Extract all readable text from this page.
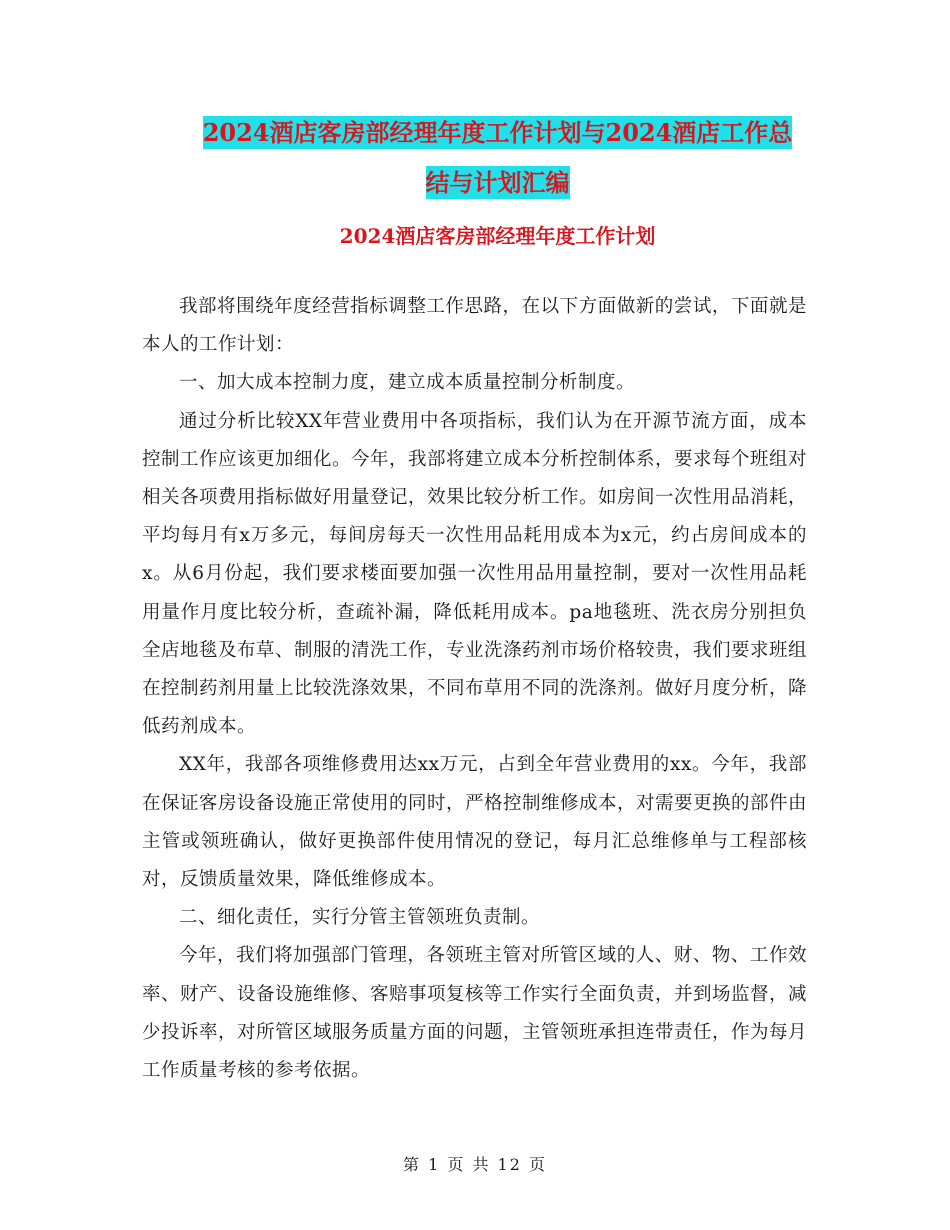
2024酒店客房部经理年度工作计划与2024酒店工作总
结与计划汇编
2024酒店客房部经理年度工作计划

我部将围绕年度经营指标调整工作思路，在以下方面做新的尝试，下面就是本人的工作计划：

一、加大成本控制力度，建立成本质量控制分析制度。

通过分析比较XX年营业费用中各项指标，我们认为在开源节流方面，成本控制工作应该更加细化。今年，我部将建立成本分析控制体系，要求每个班组对相关各项费用指标做好用量登记，效果比较分析工作。如房间一次性用品消耗，平均每月有x万多元，每间房每天一次性用品耗用成本为x元，约占房间成本的x。从6月份起，我们要求楼面要加强一次性用品用量控制，要对一次性用品耗用量作月度比较分析，查疏补漏，降低耗用成本。pa地毯班、洗衣房分别担负全店地毯及布草、制服的清洗工作，专业洗涤药剂市场价格较贵，我们要求班组在控制药剂用量上比较洗涤效果，不同布草用不同的洗涤剂。做好月度分析，降低药剂成本。

XX年，我部各项维修费用达xx万元，占到全年营业费用的xx。今年，我部在保证客房设备设施正常使用的同时，严格控制维修成本，对需要更换的部件由主管或领班确认，做好更换部件使用情况的登记，每月汇总维修单与工程部核对，反馈质量效果，降低维修成本。

二、细化责任，实行分管主管领班负责制。

今年，我们将加强部门管理，各领班主管对所管区域的人、财、物、工作效率、财产、设备设施维修、客赔事项复核等工作实行全面负责，并到场监督，减少投诉率，对所管区域服务质量方面的问题，主管领班承担连带责任，作为每月工作质量考核的参考依据。

第 1 页 共 12 页
